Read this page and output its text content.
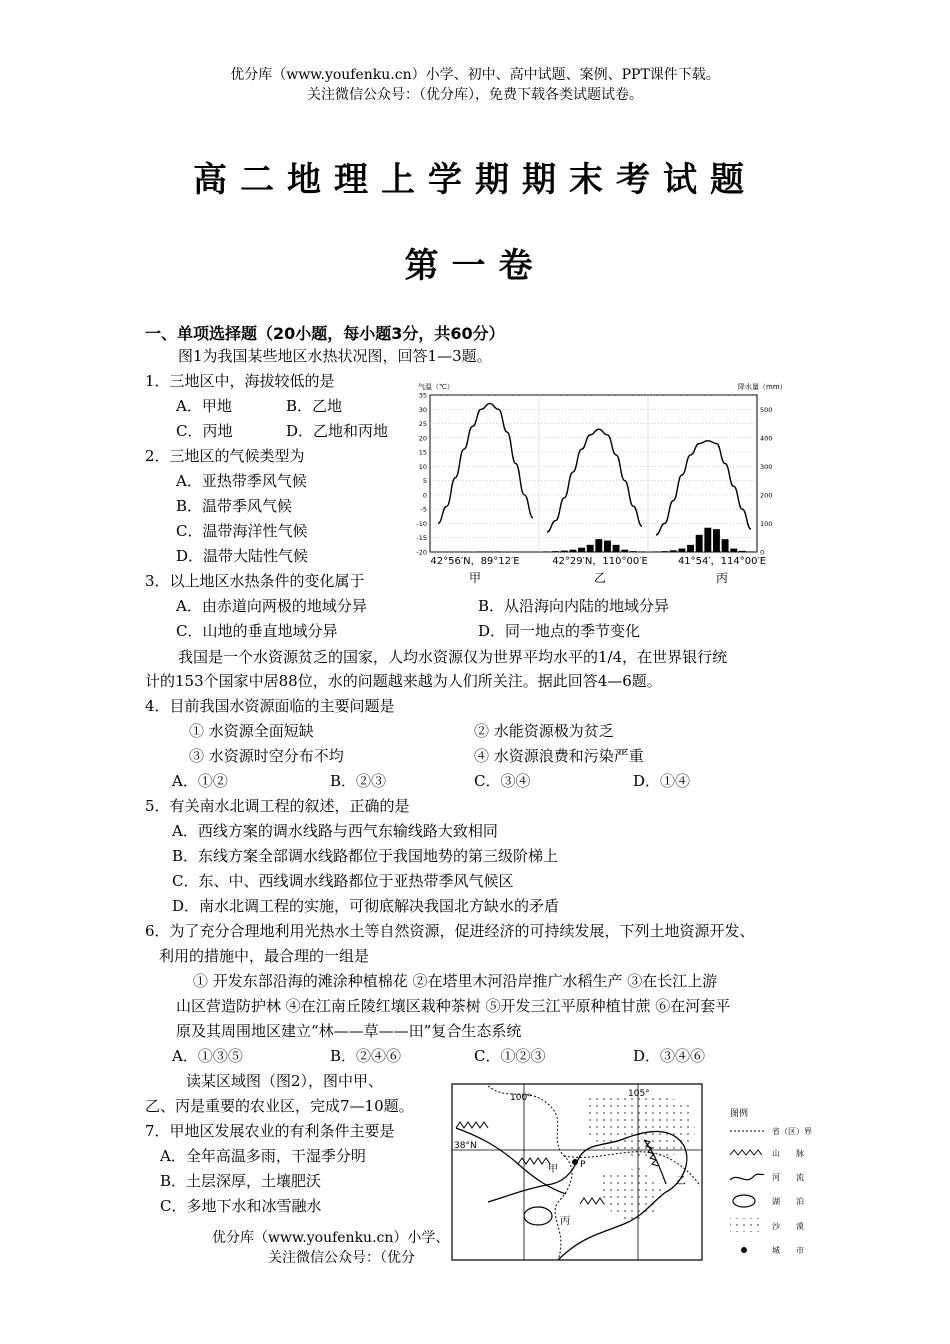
优分库（www.youfenku.cn）小学、初中、高中试题、案例、PPT课件下载。
关注微信公众号：（优分库），免费下载各类试题试卷。
高二地理上学期期末考试题
第一卷
一、单项选择题（20小题，每小题3分，共60分）
图1为我国某些地区水热状况图，回答1—3题。
1．三地区中，海拔较低的是
A．甲地	B．乙地
C．丙地	D．乙地和丙地
2．三地区的气候类型为
A．亚热带季风气候
B．温带季风气候
C．温带海洋性气候
D．温带大陆性气候
气温（℃）	降水量（mm）
35
30
25
20
15
10
5
0
-5
-10
-15
-20
500
400
300
200
100
0
42°56′N，89°12′E	42°29′N，110°00′E	41°54′，114°00′E
甲	乙	丙
3．以上地区水热条件的变化属于
A．由赤道向两极的地域分异	B．从沿海向内陆的地域分异
C．山地的垂直地域分异	D．同一地点的季节变化
我国是一个水资源贫乏的国家，人均水资源仅为世界平均水平的1/4，在世界银行统
计的153个国家中居88位，水的问题越来越为人们所关注。据此回答4—6题。
4．目前我国水资源面临的主要问题是
① 水资源全面短缺	② 水能资源极为贫乏
③ 水资源时空分布不均	④ 水资源浪费和污染严重
A．①②	B．②③	C．③④	D．①④
5．有关南水北调工程的叙述，正确的是
A．西线方案的调水线路与西气东输线路大致相同
B．东线方案全部调水线路都位于我国地势的第三级阶梯上
C．东、中、西线调水线路都位于亚热带季风气候区
D．南水北调工程的实施，可彻底解决我国北方缺水的矛盾
6．为了充分合理地利用光热水土等自然资源，促进经济的可持续发展，下列土地资源开发、
利用的措施中，最合理的一组是
① 开发东部沿海的滩涂种植棉花 ②在塔里木河沿岸推广水稻生产 ③在长江上游
山区营造防护林 ④在江南丘陵红壤区栽种茶树 ⑤开发三江平原种植甘蔗 ⑥在河套平
原及其周围地区建立“林——草——田”复合生态系统
A．①③⑤	B．②④⑥	C．①②③	D．③④⑥
读某区域图（图2），图中甲、
乙、丙是重要的农业区，完成7—10题。
7．甲地区发展农业的有利条件主要是
A．全年高温多雨，干湿季分明
B．土层深厚，土壤肥沃
C．多地下水和冰雪融水
P
100°	105°
38°N
甲
乙
丙
图例
省（区）界
山　　脉
河　　流
湖　　泊
沙　　漠
城　　市
优分库（www.youfenku.cn）小学、
关注微信公众号：（优分
